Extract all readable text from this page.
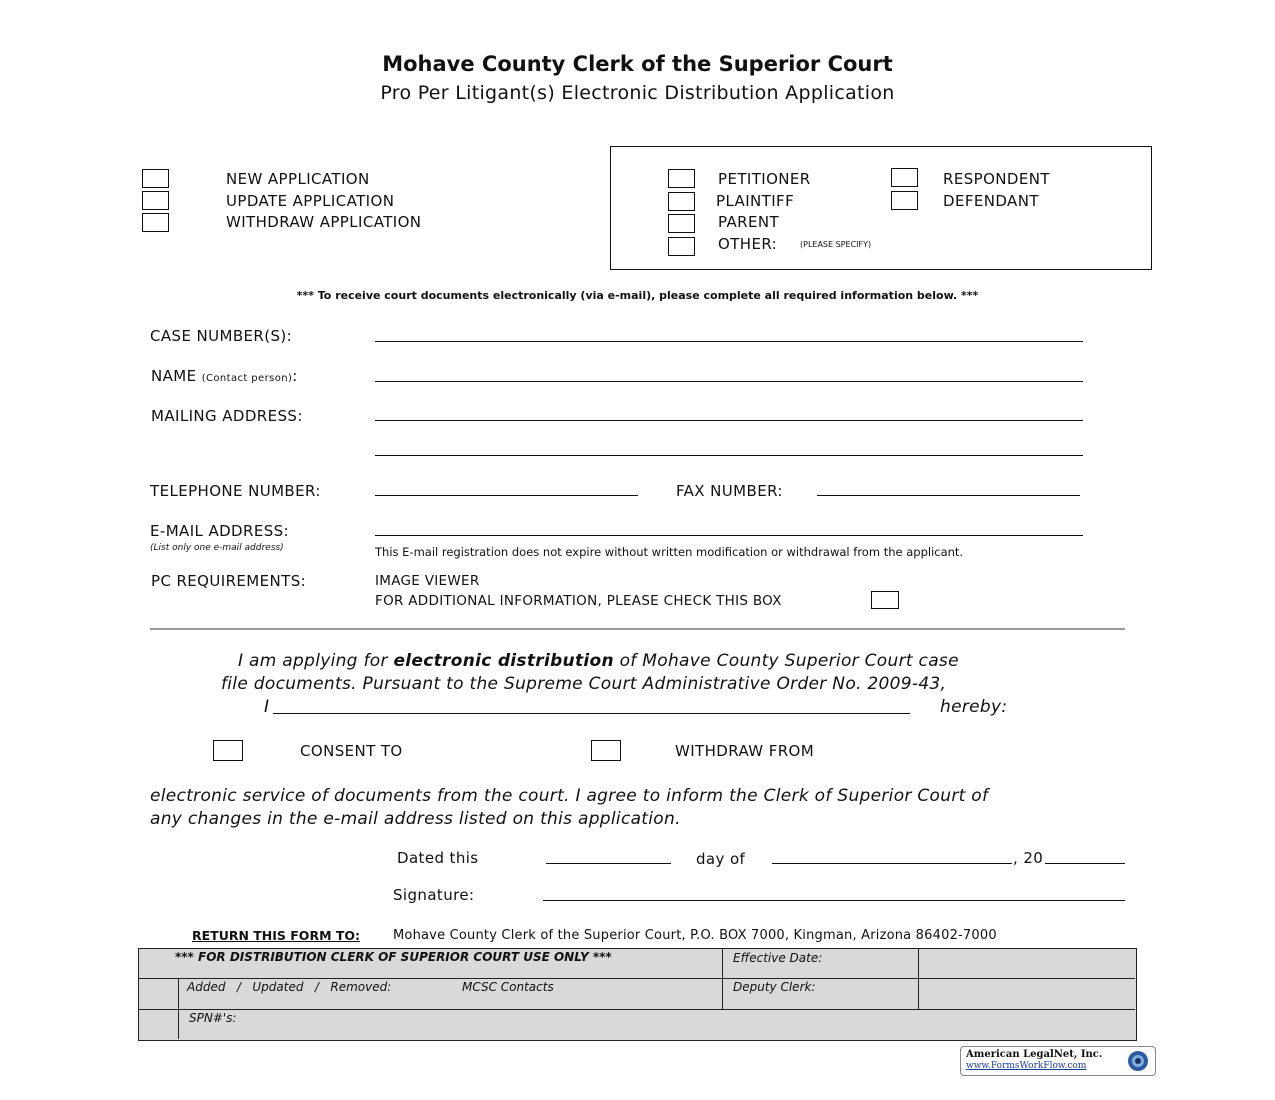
Mohave County Clerk of the Superior Court
Pro Per Litigant(s) Electronic Distribution Application
NEW APPLICATION
UPDATE APPLICATION
WITHDRAW APPLICATION
PETITIONER
PLAINTIFF
PARENT
OTHER:	(PLEASE SPECIFY)
RESPONDENT
DEFENDANT
*** To receive court documents electronically (via e-mail), please complete all required information below. ***
CASE NUMBER(S):
NAME (Contact person):
MAILING ADDRESS:
TELEPHONE NUMBER:	FAX NUMBER:
E-MAIL ADDRESS:
(List only one e-mail address)	This E-mail registration does not expire without written modification or withdrawal from the applicant.
PC REQUIREMENTS:	IMAGE VIEWER
FOR ADDITIONAL INFORMATION, PLEASE CHECK THIS BOX
I am applying for electronic distribution of Mohave County Superior Court case
file documents. Pursuant to the Supreme Court Administrative Order No. 2009-43,
I	hereby:
CONSENT TO	WITHDRAW FROM
electronic service of documents from the court. I agree to inform the Clerk of Superior Court of
any changes in the e-mail address listed on this application.
Dated this	day of	, 20
Signature:
RETURN THIS FORM TO:	Mohave County Clerk of the Superior Court, P.O. BOX 7000, Kingman, Arizona 86402-7000
*** FOR DISTRIBUTION CLERK OF SUPERIOR COURT USE ONLY ***	Effective Date:
Added   /   Updated   /   Removed:	MCSC Contacts	Deputy Clerk:
SPN#'s:
American LegalNet, Inc.
www.FormsWorkFlow.com
